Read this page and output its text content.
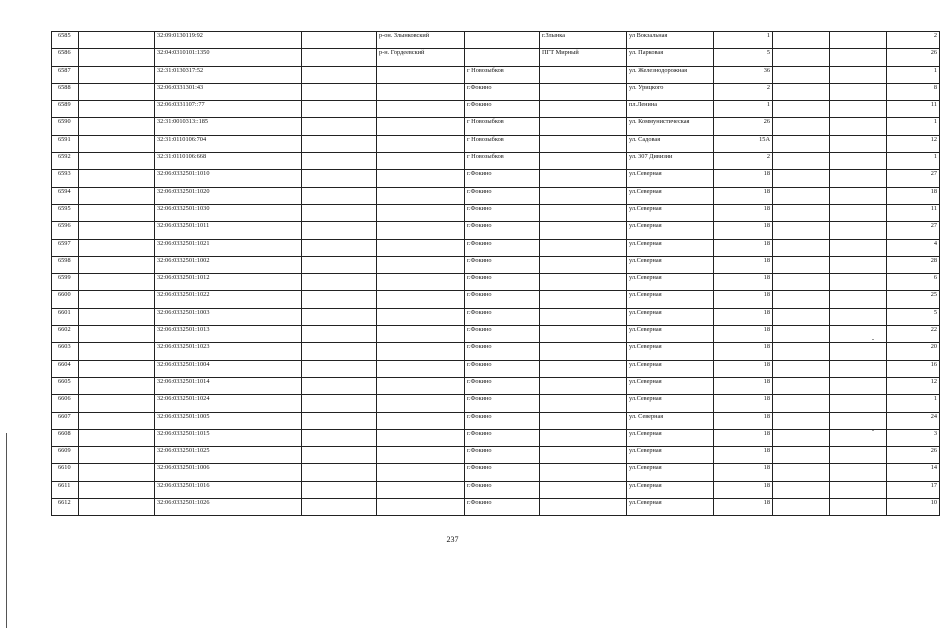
6585		32:09:0130119:92		р-он. Злынковский		г.Злынка	ул Вокзальная	1			2
6586		32:04:0310101:1350		р-н. Гордеевский		ПГТ Мирный	ул. Парковая	5			26
6587		32:31:0130317:52			г Новозыбков		ул. Железнодорожная	36			1
6588		32:06:0331301:43			г.Фокино		ул. Урицкого	2			8
6589		32:06:0331107::77			г.Фокино		пл.Ленина	1			11
6590		32:31:0010313::185			г Новозыбков		ул. Коммунистическая	26			1
6591		32:31:0110106:704			г Новозыбков		ул. Садовая	15А			12
6592		32:31:0110106:668			г Новозыбков		ул. 307 Дивизии	2			1
6593		32:06:0332501:1010			г.Фокино		ул.Северная	18			27
6594		32:06:0332501:1020			г.Фокино		ул.Северная	18			18
6595		32:06:0332501:1030			г.Фокино		ул.Северная	18			11
6596		32:06:0332501:1011			г.Фокино		ул.Северная	18			27
6597		32:06:0332501:1021			г.Фокино		ул.Северная	18			4
6598		32:06:0332501:1002			г.Фокино		ул.Северная	18			28
6599		32:06:0332501:1012			г.Фокино		ул.Северная	18			6
6600		32:06:0332501:1022			г.Фокино		ул.Северная	18			25
6601		32:06:0332501:1003			г.Фокино		ул.Северная	18			5
6602		32:06:0332501:1013			г.Фокино		ул.Северная	18			22
6603		32:06:0332501:1023			г.Фокино		ул.Северная	18			20
6604		32:06:0332501:1004			г.Фокино		ул.Северная	18			16
6605		32:06:0332501:1014			г.Фокино		ул.Северная	18			12
6606		32:06:0332501:1024			г.Фокино		ул.Северная	18			1
6607		32:06:0332501:1005			г.Фокино		ул. Северная	18			24
6608		32:06:0332501:1015			г.Фокино		ул.Северная	18			3
6609		32:06:0332501:1025			г.Фокино		ул.Северная	18			26
6610		32:06:0332501:1006			г.Фокино		ул.Северная	18			14
6611		32:06:0332501:1016			г.Фокино		ул.Северная	18			17
6612		32:06:0332501:1026			г.Фокино		ул.Северная	18			10
237
